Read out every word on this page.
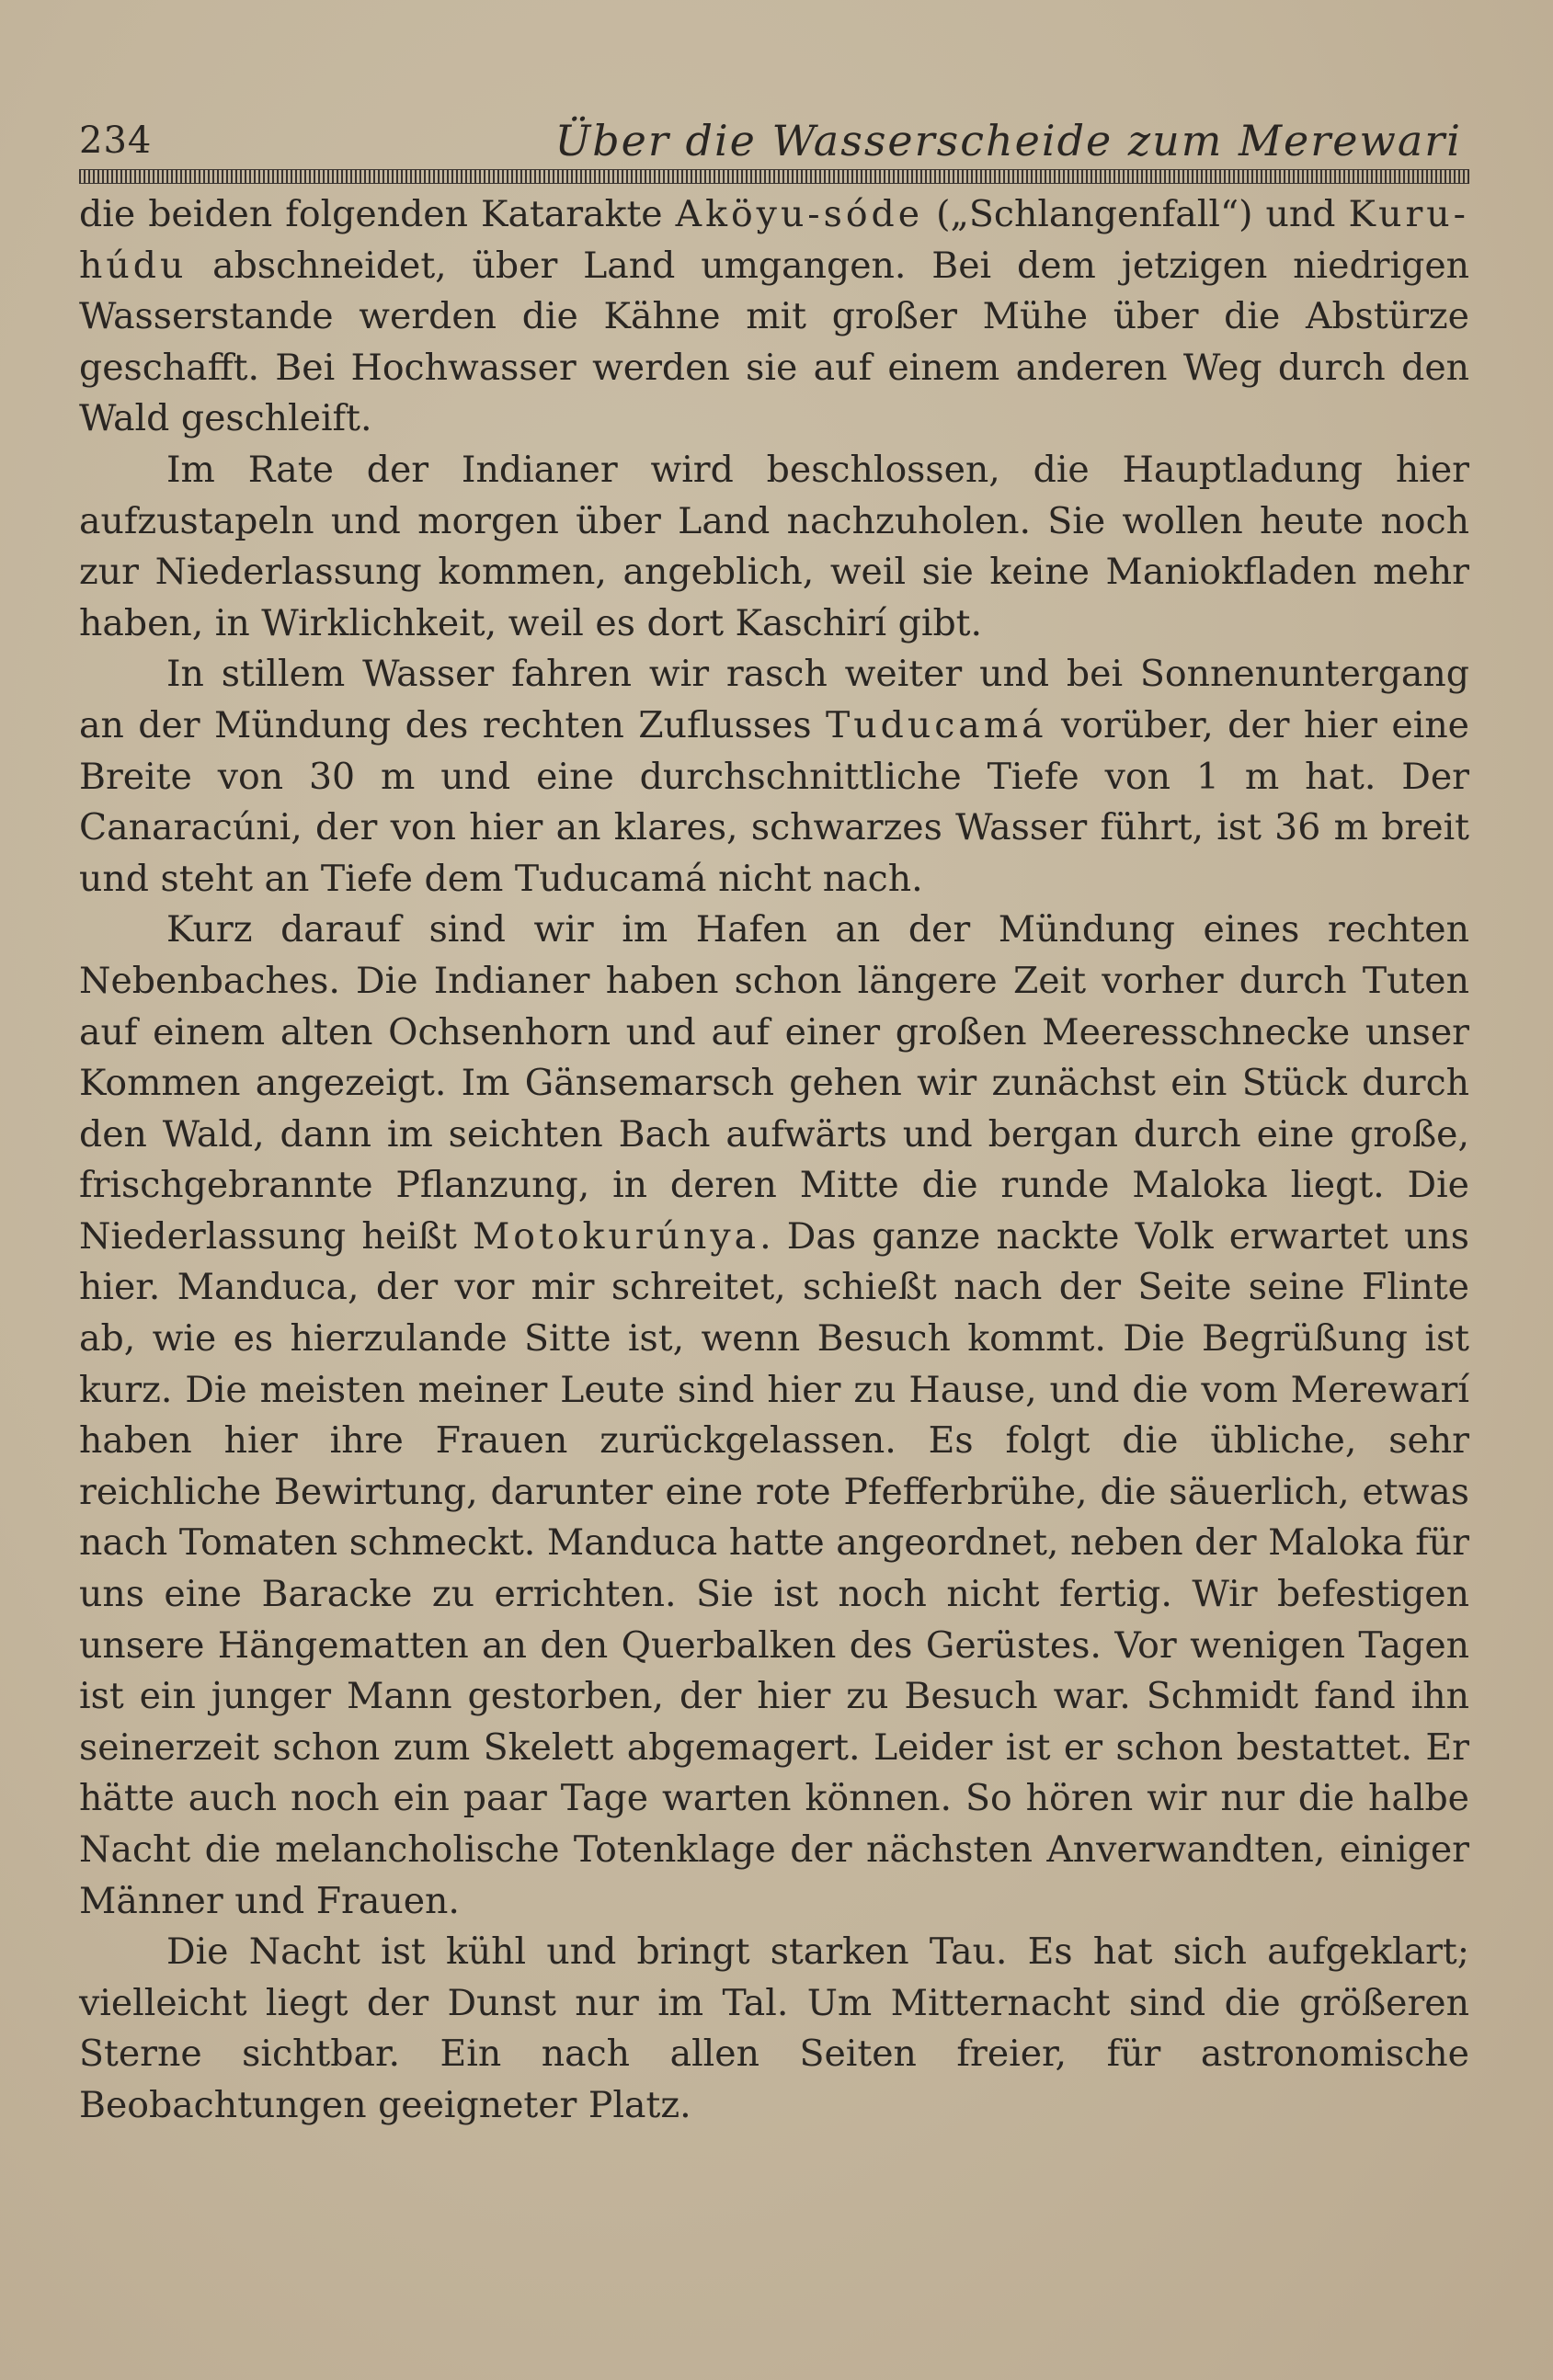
234	Über die Wasserscheide zum Merewari

die beiden folgenden Katarakte Aköyu-sóde („Schlangenfall“) und Kuru-húdu abschneidet, über Land umgangen. Bei dem jetzigen niedrigen Wasserstande werden die Kähne mit großer Mühe über die Abstürze geschafft. Bei Hochwasser werden sie auf einem anderen Weg durch den Wald geschleift.

Im Rate der Indianer wird beschlossen, die Hauptladung hier aufzustapeln und morgen über Land nachzuholen. Sie wollen heute noch zur Niederlassung kommen, angeblich, weil sie keine Maniokfladen mehr haben, in Wirklichkeit, weil es dort Kaschirí gibt.

In stillem Wasser fahren wir rasch weiter und bei Sonnenuntergang an der Mündung des rechten Zuflusses Tuducamá vorüber, der hier eine Breite von 30 m und eine durchschnittliche Tiefe von 1 m hat. Der Canaracúni, der von hier an klares, schwarzes Wasser führt, ist 36 m breit und steht an Tiefe dem Tuducamá nicht nach.

Kurz darauf sind wir im Hafen an der Mündung eines rechten Nebenbaches. Die Indianer haben schon längere Zeit vorher durch Tuten auf einem alten Ochsenhorn und auf einer großen Meeresschnecke unser Kommen angezeigt. Im Gänsemarsch gehen wir zunächst ein Stück durch den Wald, dann im seichten Bach aufwärts und bergan durch eine große, frischgebrannte Pflanzung, in deren Mitte die runde Maloka liegt. Die Niederlassung heißt Motokurúnya. Das ganze nackte Volk erwartet uns hier. Manduca, der vor mir schreitet, schießt nach der Seite seine Flinte ab, wie es hierzulande Sitte ist, wenn Besuch kommt. Die Begrüßung ist kurz. Die meisten meiner Leute sind hier zu Hause, und die vom Merewarí haben hier ihre Frauen zurückgelassen. Es folgt die übliche, sehr reichliche Bewirtung, darunter eine rote Pfefferbrühe, die säuerlich, etwas nach Tomaten schmeckt. Manduca hatte angeordnet, neben der Maloka für uns eine Baracke zu errichten. Sie ist noch nicht fertig. Wir befestigen unsere Hängematten an den Querbalken des Gerüstes. Vor wenigen Tagen ist ein junger Mann gestorben, der hier zu Besuch war. Schmidt fand ihn seinerzeit schon zum Skelett abgemagert. Leider ist er schon bestattet. Er hätte auch noch ein paar Tage warten können. So hören wir nur die halbe Nacht die melancholische Totenklage der nächsten Anverwandten, einiger Männer und Frauen.

Die Nacht ist kühl und bringt starken Tau. Es hat sich aufgeklart; vielleicht liegt der Dunst nur im Tal. Um Mitternacht sind die größeren Sterne sichtbar. Ein nach allen Seiten freier, für astronomische Beobachtungen geeigneter Platz.
